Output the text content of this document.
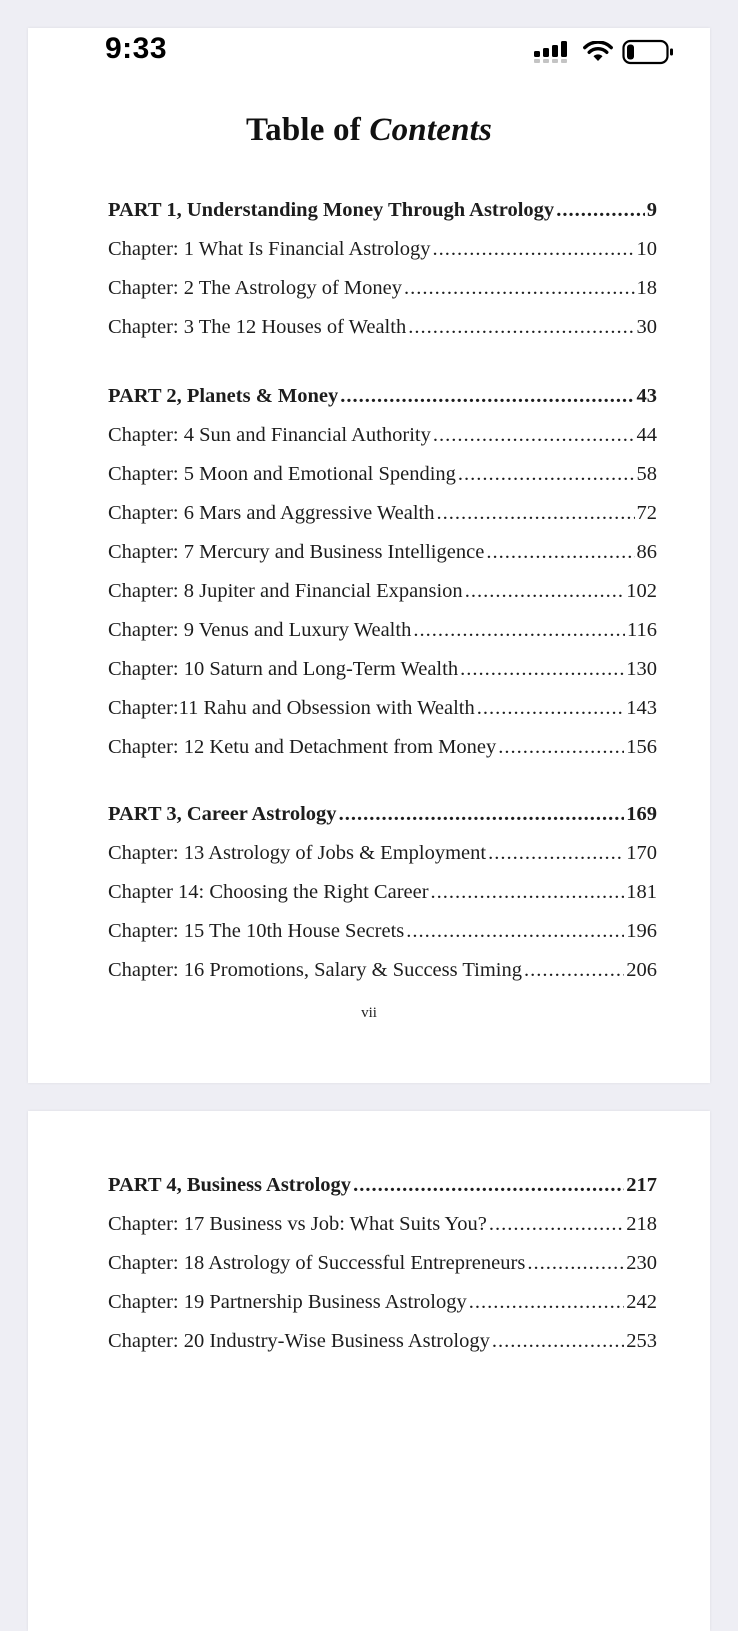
9:33
Table of Contents
PART 1, Understanding Money Through Astrology .....	9
Chapter: 1 What Is Financial Astrology .....	10
Chapter: 2 The Astrology of Money .....	18
Chapter: 3 The 12 Houses of Wealth .....	30
PART 2, Planets & Money .....	43
Chapter: 4 Sun and Financial Authority .....	44
Chapter: 5 Moon and Emotional Spending .....	58
Chapter: 6 Mars and Aggressive Wealth .....	72
Chapter: 7 Mercury and Business Intelligence .....	86
Chapter: 8 Jupiter and Financial Expansion .....	102
Chapter: 9 Venus and Luxury Wealth .....	116
Chapter: 10 Saturn and Long-Term Wealth .....	130
Chapter:11 Rahu and Obsession with Wealth .....	143
Chapter: 12 Ketu and Detachment from Money .....	156
PART 3, Career Astrology .....	169
Chapter: 13 Astrology of Jobs & Employment .....	170
Chapter 14: Choosing the Right Career .....	181
Chapter: 15 The 10th House Secrets .....	196
Chapter: 16 Promotions, Salary & Success Timing .....	206
vii
PART 4, Business Astrology .....	217
Chapter: 17 Business vs Job: What Suits You? .....	218
Chapter: 18 Astrology of Successful Entrepreneurs .....	230
Chapter: 19 Partnership Business Astrology .....	242
Chapter: 20 Industry-Wise Business Astrology .....	253
